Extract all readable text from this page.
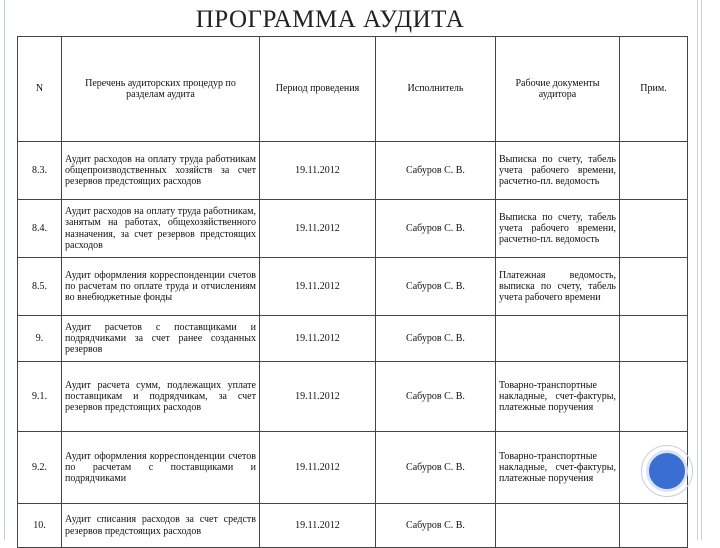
ПРОГРАММА АУДИТА
N	Перечень аудиторских процедур по разделам аудита	Период проведения	Исполнитель	Рабочие документы аудитора	Прим.
8.3.	Аудит расходов на оплату труда работникам общепроизводственных хозяйств за счет резервов предстоящих расходов	19.11.2012	Сабуров С. В.	Выписка по счету, табель учета рабочего времени, расчетно-пл. ведомость	
8.4.	Аудит расходов на оплату труда работникам, занятым на работах, общехозяйственного назначения, за счет резервов предстоящих расходов	19.11.2012	Сабуров С. В.	Выписка по счету, табель учета рабочего времени, расчетно-пл. ведомость	
8.5.	Аудит оформления корреспонденции счетов по расчетам по оплате труда и отчислениям во внебюджетные фонды	19.11.2012	Сабуров С. В.	Платежная ведомость, выписка по счету, табель учета рабочего времени	
9.	Аудит расчетов с поставщиками и подрядчиками за счет ранее созданных резервов	19.11.2012	Сабуров С. В.		
9.1.	Аудит расчета сумм, подлежащих уплате поставщикам и подрядчикам, за счет резервов предстоящих расходов	19.11.2012	Сабуров С. В.	Товарно-транспортные накладные, счет-фактуры, платежные поручения	
9.2.	Аудит оформления корреспонденции счетов по расчетам с поставщиками и подрядчиками	19.11.2012	Сабуров С. В.	Товарно-транспортные накладные, счет-фактуры, платежные поручения	
10.	Аудит списания расходов за счет средств резервов предстоящих расходов	19.11.2012	Сабуров С. В.		
